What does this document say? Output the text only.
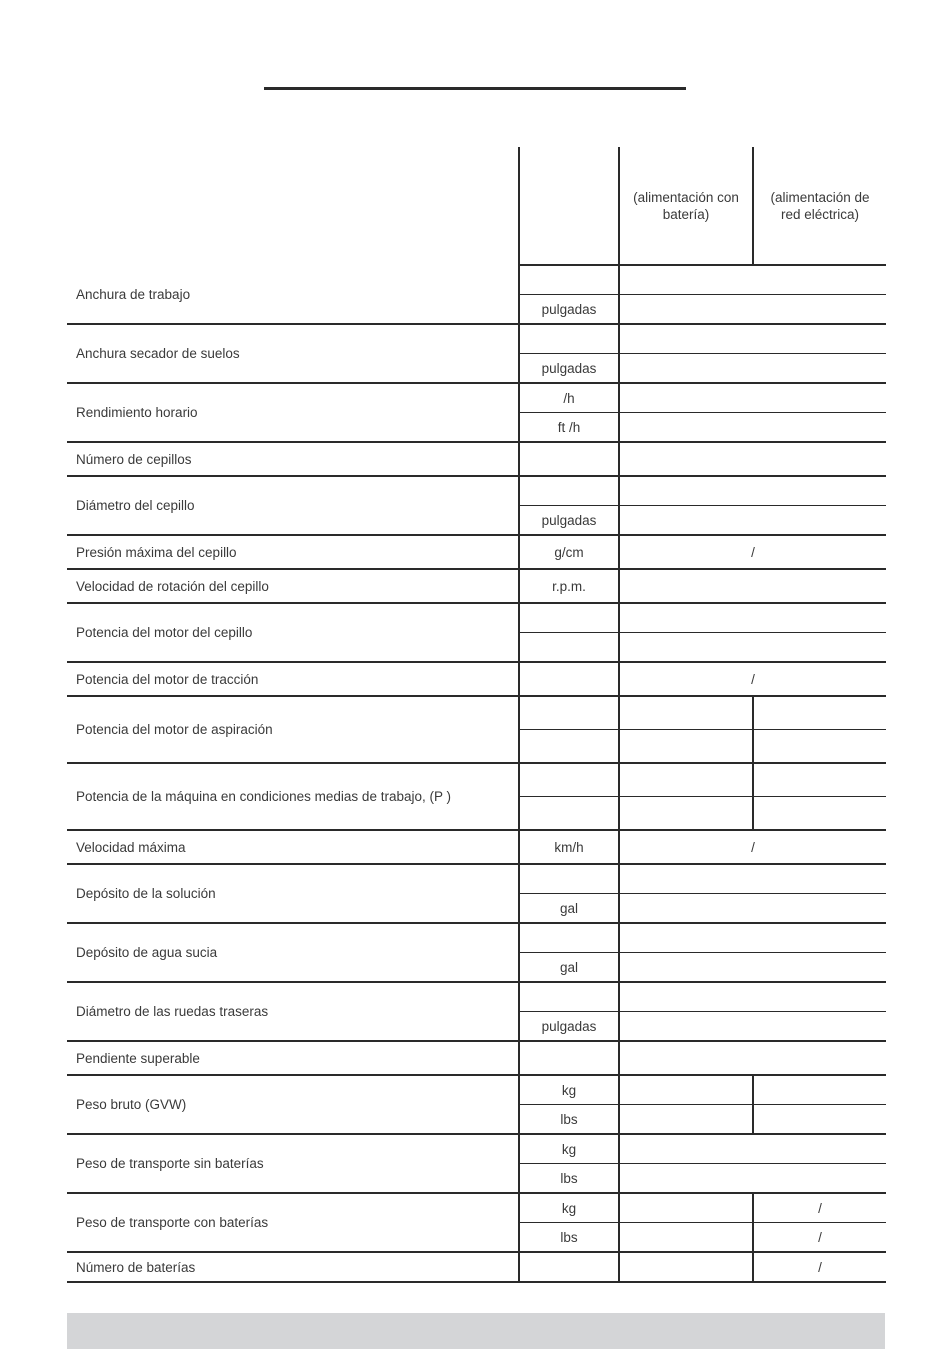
		(alimentación con batería)	(alimentación de red eléctrica)

Anchura de trabajo			
	pulgadas		
Anchura secador de suelos			
	pulgadas		
Rendimiento horario	/h		
	ft /h		
Número de cepillos			
Diámetro del cepillo			
	pulgadas		
Presión máxima del cepillo	g/cm	/	
Velocidad de rotación del cepillo	r.p.m.		
Potencia del motor del cepillo			

Potencia del motor de tracción		/	
Potencia del motor de aspiración			

Potencia de la máquina en condiciones medias de trabajo, (P )			

Velocidad máxima	km/h	/	
Depósito de la solución			
	gal		
Depósito de agua sucia			
	gal		
Diámetro de las ruedas traseras			
	pulgadas		
Pendiente superable			
Peso bruto (GVW)	kg		
	lbs		
Peso de transporte sin baterías	kg		
	lbs		
Peso de transporte con baterías	kg		/
	lbs		/
Número de baterías			/
